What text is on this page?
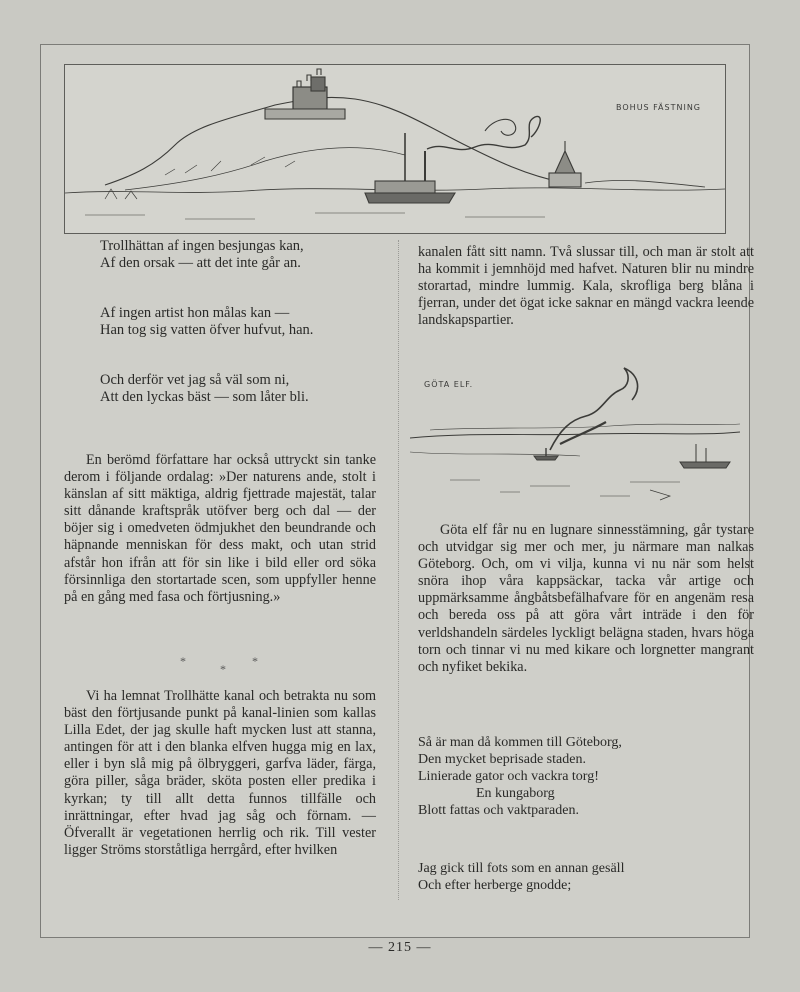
BOHUS FÄSTNING

Trollhättan af ingen besjungas kan,

Af den orsak — att det inte går an.

Af ingen artist hon målas kan —

Han tog sig vatten öfver hufvut, han.

Och derför vet jag så väl som ni,

Att den lyckas bäst — som låter bli.

En berömd författare har också uttryckt sin tanke derom i följande ordalag: »Der naturens ande, stolt i känslan af sitt mäktiga, aldrig fjettrade majestät, talar sitt dånande kraftspråk utöfver berg och dal — der böjer sig i omedveten ödmjukhet den beundrande och häpnande menniskan för dess makt, och utan strid afstår hon ifrån att för sin like i bild eller ord söka försinnliga den stortartade scen, som uppfyller henne på en gång med fasa och förtjusning.»

*
*
*

Vi ha lemnat Trollhätte kanal och betrakta nu som bäst den förtjusande punkt på kanal-linien som kallas Lilla Edet, der jag skulle haft mycken lust att stanna, antingen för att i den blanka elfven hugga mig en lax, eller i byn slå mig på ölbryggeri, garfva läder, färga, göra piller, såga bräder, sköta posten eller predika i kyrkan; ty till allt detta funnos tillfälle och inrättningar, efter hvad jag såg och förnam. — Öfverallt är vegetationen herrlig och rik. Till vester ligger Ströms storståtliga herrgård, efter hvilken

kanalen fått sitt namn. Två slussar till, och man är stolt att ha kommit i jemnhöjd med hafvet. Naturen blir nu mindre storartad, mindre lummig. Kala, skrofliga berg blåna i fjerran, under det ögat icke saknar en mängd vackra leende landskapspartier.

GÖTA ELF.

Göta elf får nu en lugnare sinnesstämning, går tystare och utvidgar sig mer och mer, ju närmare man nalkas Göteborg. Och, om vi vilja, kunna vi nu när som helst snöra ihop våra kappsäckar, tacka vår artige och uppmärksamme ångbåtsbefälhafvare för en angenäm resa och bereda oss på att göra vårt inträde i den för verldshandeln särdeles lyckligt belägna staden, hvars höga torn och tinnar vi nu med kikare och lorgnetter mangrant och nyfiket bekika.

Så är man då kommen till Göteborg,

Den mycket beprisade staden.

Linierade gator och vackra torg!

En kungaborg

Blott fattas och vaktparaden.

Jag gick till fots som en annan gesäll

Och efter herberge gnodde;

— 215 —
